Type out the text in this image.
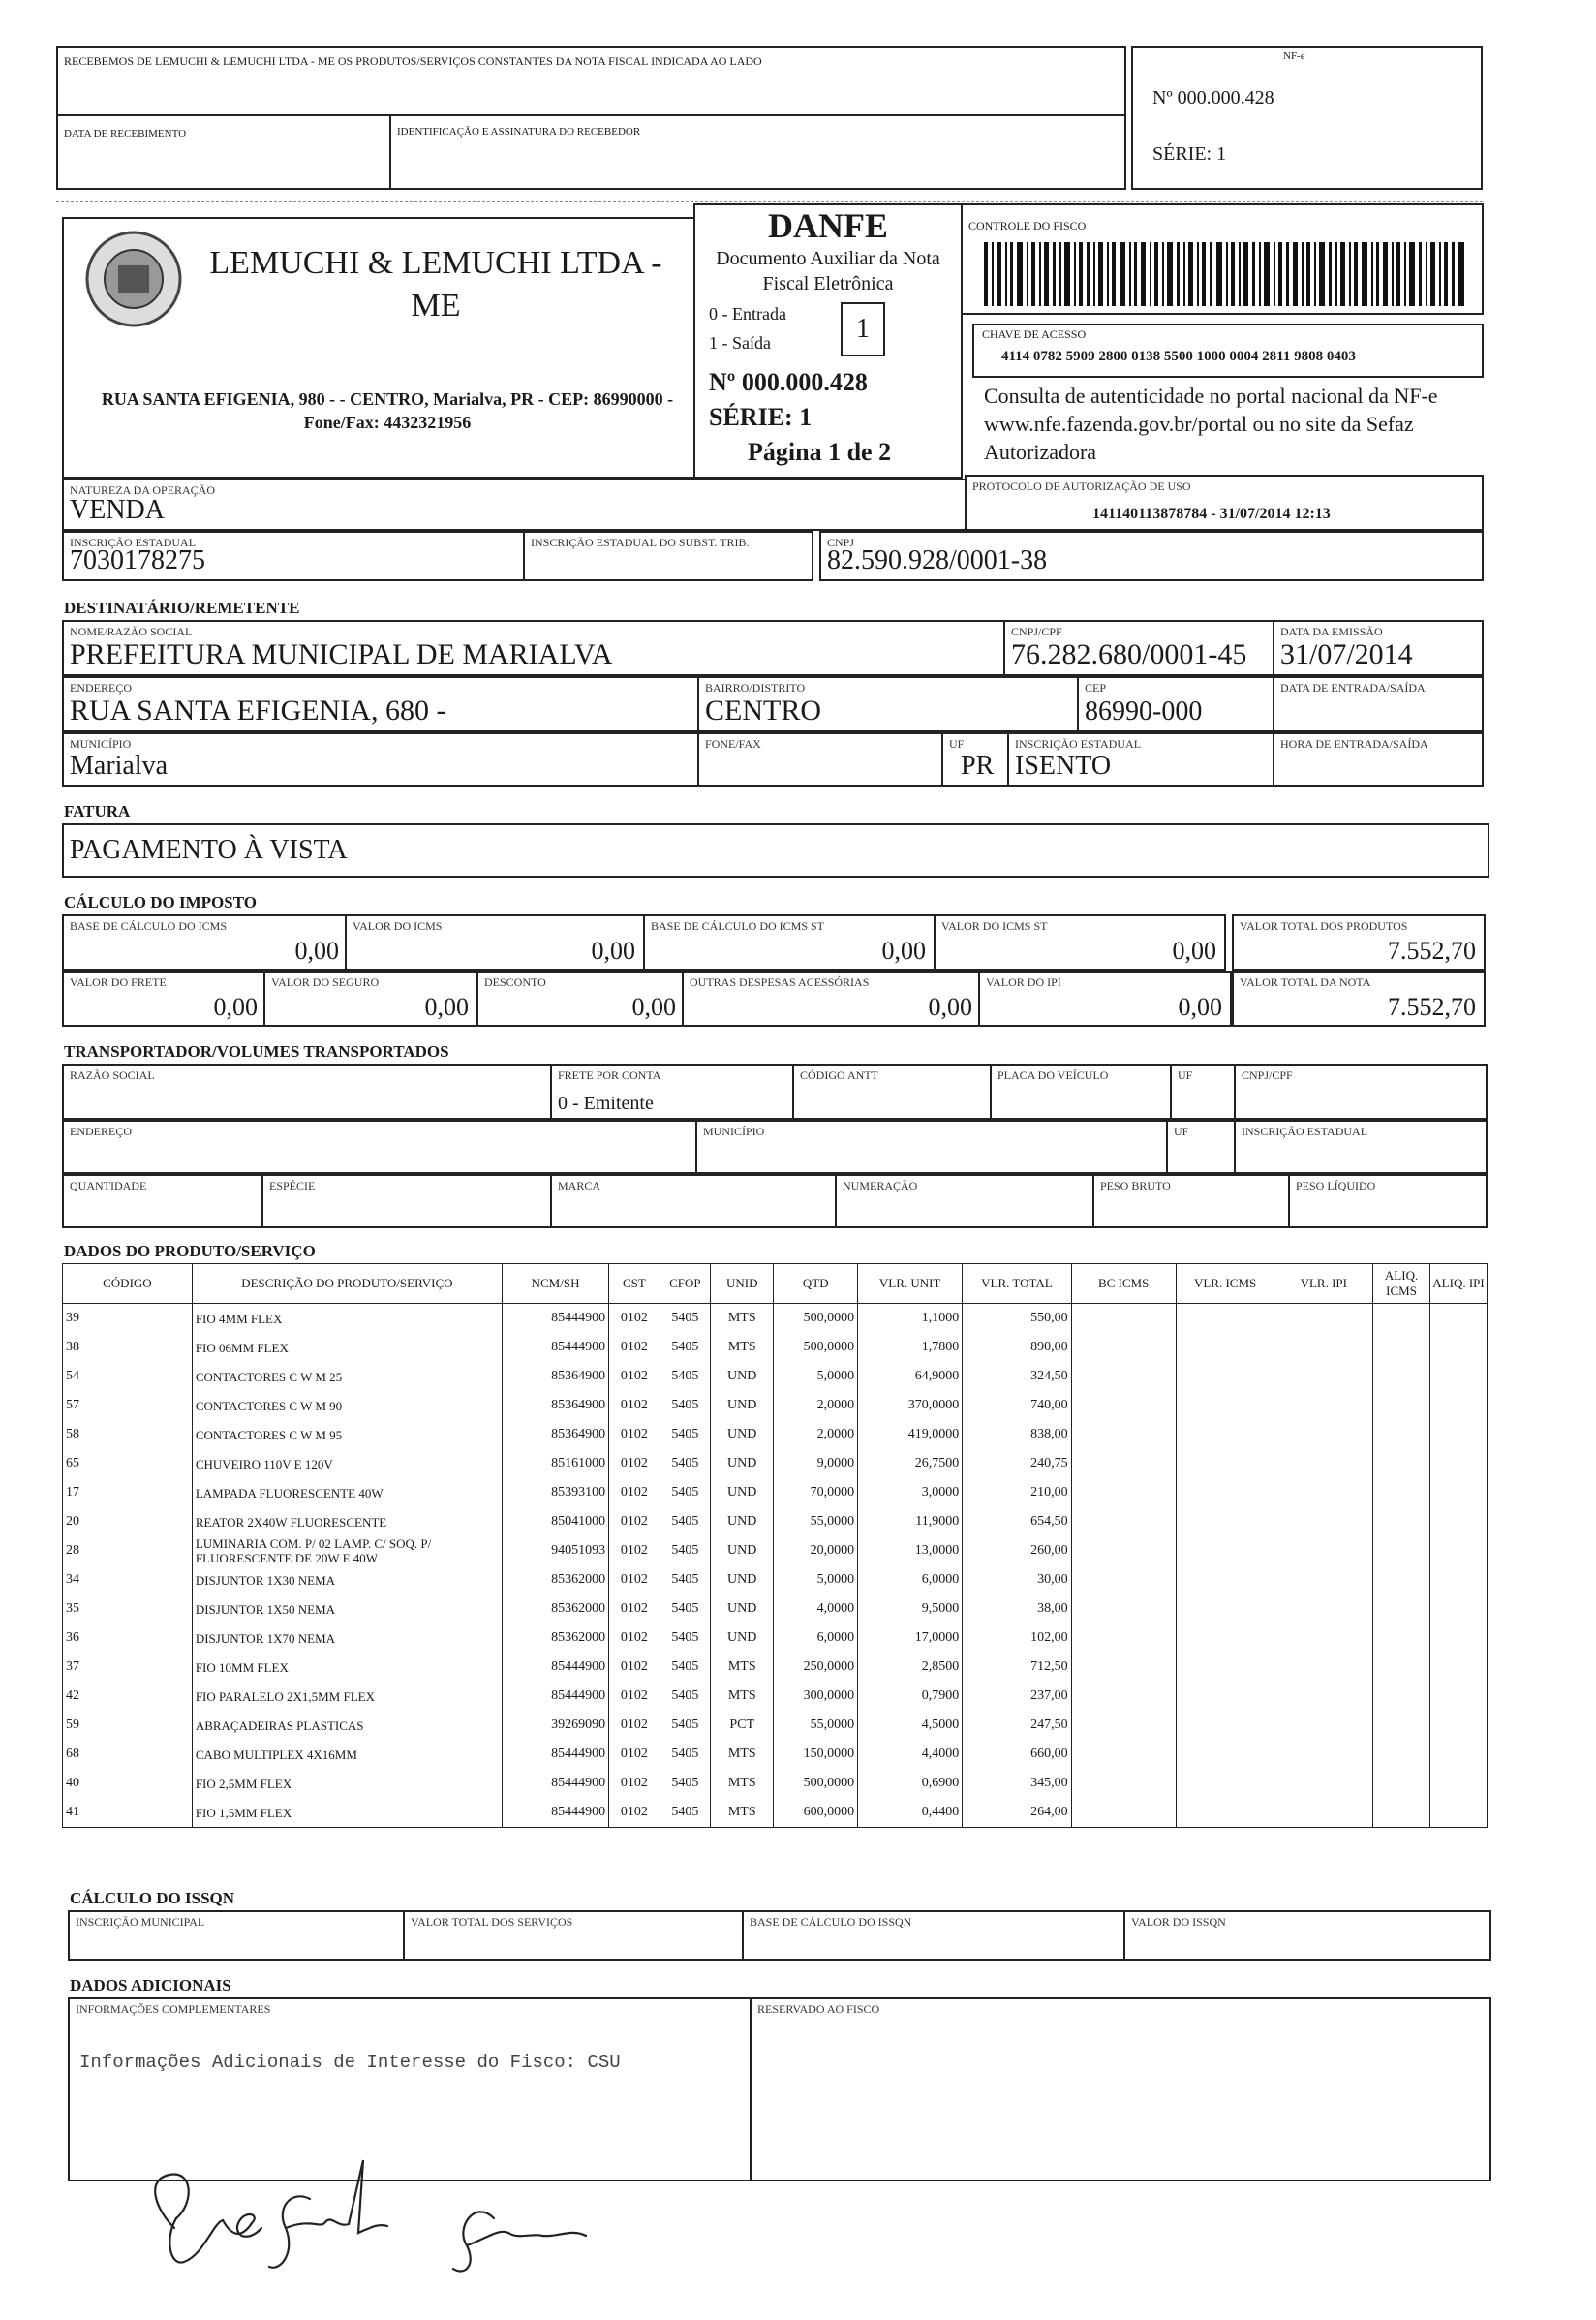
RECEBEMOS DE LEMUCHI & LEMUCHI LTDA - ME OS PRODUTOS/SERVIÇOS CONSTANTES DA NOTA FISCAL INDICADA AO LADO
DATA DE RECEBIMENTO	IDENTIFICAÇÃO E ASSINATURA DO RECEBEDOR
NF-e
Nº 000.000.428
SÉRIE: 1
LEMUCHI & LEMUCHI LTDA - ME
RUA SANTA EFIGENIA, 980 - - CENTRO, Marialva, PR - CEP: 86990000 - Fone/Fax: 4432321956
DANFE
Documento Auxiliar da Nota Fiscal Eletrônica
0 - Entrada
1 - Saída	1
Nº 000.000.428
SÉRIE: 1
Página 1 de 2
CONTROLE DO FISCO
CHAVE DE ACESSO
4114 0782 5909 2800 0138 5500 1000 0004 2811 9808 0403
Consulta de autenticidade no portal nacional da NF-e www.nfe.fazenda.gov.br/portal ou no site da Sefaz Autorizadora
NATUREZA DA OPERAÇÃO
VENDA
PROTOCOLO DE AUTORIZAÇÃO DE USO
141140113878784 - 31/07/2014 12:13
INSCRIÇÃO ESTADUAL
7030178275
INSCRIÇÃO ESTADUAL DO SUBST. TRIB.	CNPJ
82.590.928/0001-38
DESTINATÁRIO/REMETENTE
NOME/RAZÃO SOCIAL
PREFEITURA MUNICIPAL DE MARIALVA
CNPJ/CPF
76.282.680/0001-45
DATA DA EMISSÃO
31/07/2014
ENDEREÇO
RUA SANTA EFIGENIA, 680 -
BAIRRO/DISTRITO
CENTRO
CEP
86990-000
DATA DE ENTRADA/SAÍDA
MUNICÍPIO
Marialva
FONE/FAX	UF
PR
INSCRIÇÃO ESTADUAL
ISENTO
HORA DE ENTRADA/SAÍDA
FATURA
PAGAMENTO À VISTA
CÁLCULO DO IMPOSTO
BASE DE CÁLCULO DO ICMS
0,00
VALOR DO ICMS
0,00
BASE DE CÁLCULO DO ICMS ST
0,00
VALOR DO ICMS ST
0,00
VALOR TOTAL DOS PRODUTOS
7.552,70
VALOR DO FRETE
0,00
VALOR DO SEGURO
0,00
DESCONTO
0,00
OUTRAS DESPESAS ACESSÓRIAS
0,00
VALOR DO IPI
0,00
VALOR TOTAL DA NOTA
7.552,70
TRANSPORTADOR/VOLUMES TRANSPORTADOS
RAZÃO SOCIAL	FRETE POR CONTA
0 - Emitente
CÓDIGO ANTT	PLACA DO VEÍCULO	UF	CNPJ/CPF
ENDEREÇO	MUNICÍPIO	UF	INSCRIÇÃO ESTADUAL
QUANTIDADE	ESPÉCIE	MARCA	NUMERAÇÃO	PESO BRUTO	PESO LÍQUIDO
DADOS DO PRODUTO/SERVIÇO
CÓDIGO	DESCRIÇÃO DO PRODUTO/SERVIÇO	NCM/SH	CST	CFOP	UNID	QTD	VLR. UNIT	VLR. TOTAL	BC ICMS	VLR. ICMS	VLR. IPI	ALIQ. ICMS	ALIQ. IPI
39	FIO 4MM FLEX	85444900	0102	5405	MTS	500,0000	1,1000	550,00					
38	FIO 06MM FLEX	85444900	0102	5405	MTS	500,0000	1,7800	890,00					
54	CONTACTORES C W M 25	85364900	0102	5405	UND	5,0000	64,9000	324,50					
57	CONTACTORES C W M 90	85364900	0102	5405	UND	2,0000	370,0000	740,00					
58	CONTACTORES C W M 95	85364900	0102	5405	UND	2,0000	419,0000	838,00					
65	CHUVEIRO 110V E 120V	85161000	0102	5405	UND	9,0000	26,7500	240,75					
17	LAMPADA FLUORESCENTE 40W	85393100	0102	5405	UND	70,0000	3,0000	210,00					
20	REATOR 2X40W FLUORESCENTE	85041000	0102	5405	UND	55,0000	11,9000	654,50					
28	LUMINARIA COM. P/ 02 LAMP. C/ SOQ. P/ FLUORESCENTE DE 20W E 40W	94051093	0102	5405	UND	20,0000	13,0000	260,00					
34	DISJUNTOR 1X30 NEMA	85362000	0102	5405	UND	5,0000	6,0000	30,00					
35	DISJUNTOR 1X50 NEMA	85362000	0102	5405	UND	4,0000	9,5000	38,00					
36	DISJUNTOR 1X70 NEMA	85362000	0102	5405	UND	6,0000	17,0000	102,00					
37	FIO 10MM FLEX	85444900	0102	5405	MTS	250,0000	2,8500	712,50					
42	FIO PARALELO 2X1,5MM FLEX	85444900	0102	5405	MTS	300,0000	0,7900	237,00					
59	ABRAÇADEIRAS PLASTICAS	39269090	0102	5405	PCT	55,0000	4,5000	247,50					
68	CABO MULTIPLEX 4X16MM	85444900	0102	5405	MTS	150,0000	4,4000	660,00					
40	FIO 2,5MM FLEX	85444900	0102	5405	MTS	500,0000	0,6900	345,00					
41	FIO 1,5MM FLEX	85444900	0102	5405	MTS	600,0000	0,4400	264,00					
CÁLCULO DO ISSQN
INSCRIÇÃO MUNICIPAL	VALOR TOTAL DOS SERVIÇOS	BASE DE CÁLCULO DO ISSQN	VALOR DO ISSQN
DADOS ADICIONAIS
INFORMAÇÕES COMPLEMENTARES
Informações Adicionais de Interesse do Fisco: CSU
RESERVADO AO FISCO
